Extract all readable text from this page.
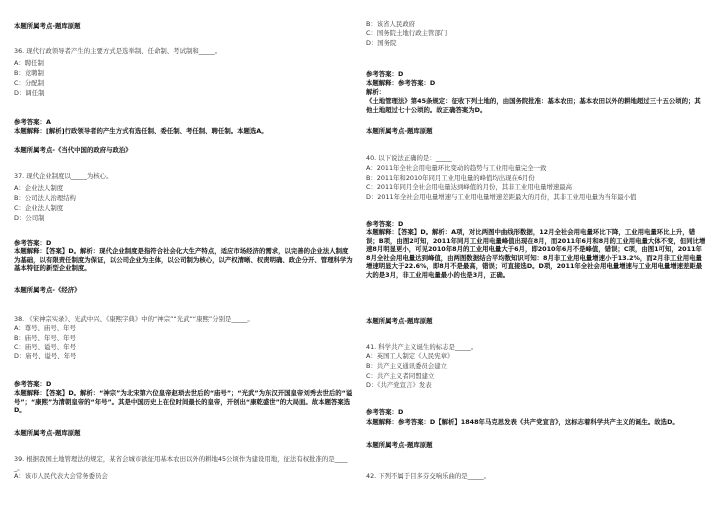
本题所属考点-题库原题
36. 现代行政领导者产生的主要方式是选举制、任命制、考试制和_____。
A：聘任制
B：竞聘制
C：分配制
D：调任制
参考答案：A
本题解释：[解析]行政领导者的产生方式有选任制、委任制、考任制、聘任制。本题选A。
本题所属考点-《当代中国的政府与政治》
37. 现代企业制度以_____为核心。
A：企业法人制度
B：公司法人治理结构
C：企业法人制度
D：公司制
参考答案：D
本题解释：【答案】D。解析：现代企业制度是指符合社会化大生产特点，适应市场经济的需求，以完善的企业法人制度为基础，以有限责任制度为保证，以公司企业为主体，以公司制为核心，以产权清晰、权责明确、政企分开、管理科学为基本特征的新型企业制度。
本题所属考点-《经济》
38. 《宋神宗实录》、光武中兴、《康熙字典》中的“神宗”“光武”“康熙”分别是_____。
A：尊号、庙号、年号
B：庙号、年号、年号
C：庙号、谥号、年号
D：庙号、谥号、年号
参考答案：D
本题解释：【答案】D。解析：“神宗”为北宋第六位皇帝赵顼去世后的“庙号”；“光武”为东汉开国皇帝刘秀去世后的“谥号”；“康熙”为清朝皇帝的“年号”。其是中国历史上在位时间最长的皇帝，开创出“康乾盛世”的大局面。故本题答案选D。
本题所属考点-题库原题
39. 根据我国土地管理法的规定，某省会城市欲征用基本农田以外的耕地45公顷作为建设用地，征法有权批准的是_____。
A：该市人民代表大会常务委员会
B：该省人民政府
C：国务院土地行政主管部门
D：国务院
参考答案：D
本题解释：参考答案：D
解析：
《土地管理法》第45条规定：征收下列土地的，由国务院批准：基本农田；基本农田以外的耕地超过三十五公顷的；其他土地超过七十公顷的。故正确答案为D。
本题所属考点-题库原题
40. 以下说法正确的是：_____
A：2011年全社会用电量环比变动的趋势与工业用电量完全一致
B：2011年和2010年同月工业用电量的峰值均出现在6月份
C：2011年同月全社会用电量达到峰值的月份，其非工业用电量增速最高
D：2011年全社会用电量增速与工业用电量增速差距最大的月份，其非工业用电量为当年最小值
参考答案：D
本题解释：【答案】D。解析：A项，对比两图中曲线形数据，12月全社会用电量环比下降，工业用电量环比上升，错误；B项，由图2可知，2011年同月工业用电量峰值出现在8月，而2011年6月和8月的工业用电量大体不变，但同比增速8月明显更小，可见2010年8月的工业用电量大于6月，即2010年6月不是峰值，错误；C项，由图1可知，2011年8月全社会用电量达到峰值，由两图数据结合平均数知识可知：8月非工业用电量增速小于13.2%，而2月非工业用电量增速明显大于22.6%，即8月不是最高，错误；可直接选D。D项，2011年全社会用电量增速与工业用电量增速差距最大的是3月，非工业用电量最小的也是3月，正确。
本题所属考点-题库原题
41. 科学共产主义诞生的标志是_____。
A：英国工人制定《人民宪章》
B：共产主义通讯委员会建立
C：共产主义者同盟建立
D：《共产党宣言》发表
参考答案：D
本题解释：参考答案：D【解析】1848年马克思发表《共产党宣言》，这标志着科学共产主义的诞生。故选D。
本题所属考点-题库原题
42. 下列不属于目多芬交响乐曲的是_____。
